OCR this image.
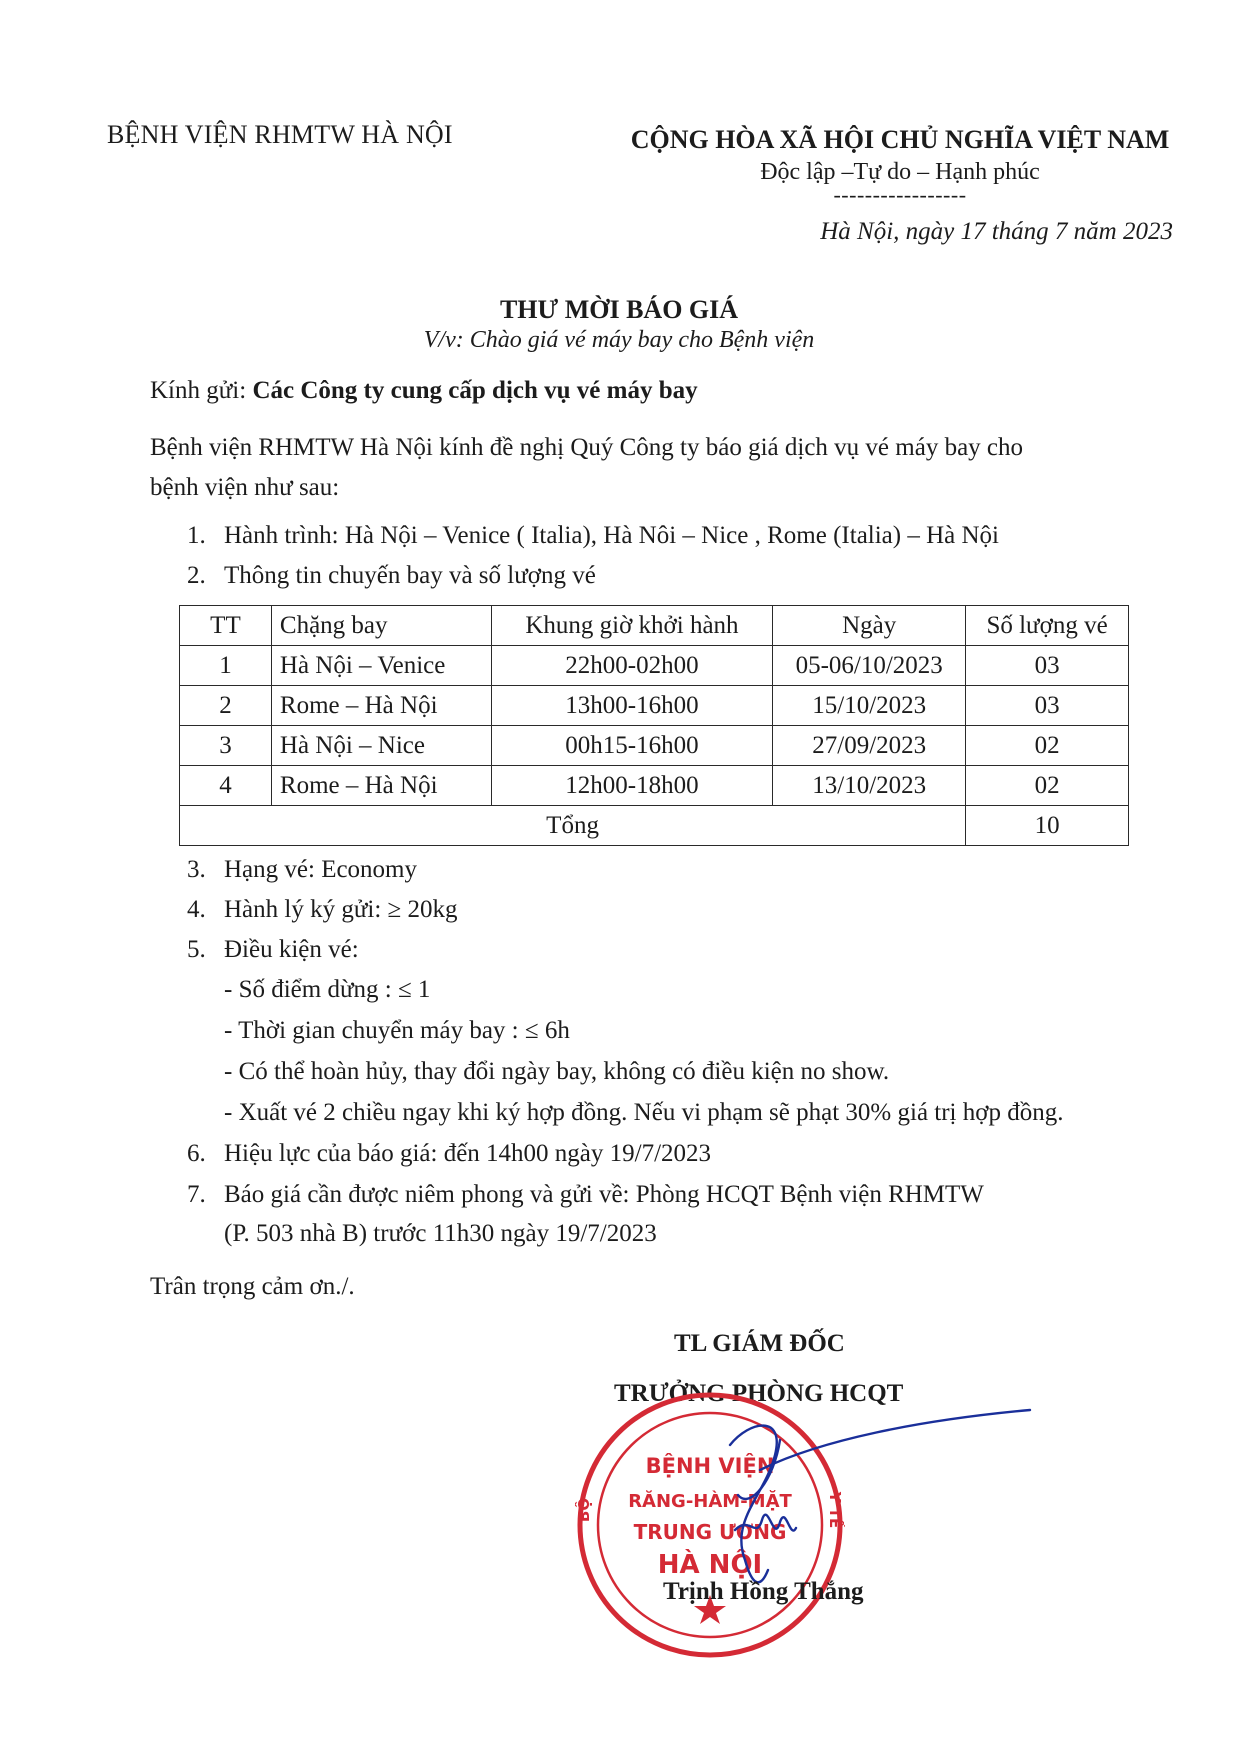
BỆNH VIỆN RHMTW HÀ NỘI	CỘNG HÒA XÃ HỘI CHỦ NGHĨA VIỆT NAM
Độc lập –Tự do – Hạnh phúc
-----------------
Hà Nội, ngày 17 tháng 7 năm 2023
THƯ MỜI BÁO GIÁ
V/v: Chào giá vé máy bay cho Bệnh viện
Kính gửi: Các Công ty cung cấp dịch vụ vé máy bay
Bệnh viện RHMTW Hà Nội kính đề nghị Quý Công ty báo giá dịch vụ vé máy bay cho bệnh viện như sau:
1. Hành trình: Hà Nội – Venice ( Italia), Hà Nôi – Nice , Rome (Italia) – Hà Nội
2. Thông tin chuyến bay và số lượng vé
TT	Chặng bay	Khung giờ khởi hành	Ngày	Số lượng vé
1	Hà Nội – Venice	22h00-02h00	05-06/10/2023	03
2	Rome – Hà Nội	13h00-16h00	15/10/2023	03
3	Hà Nội – Nice	00h15-16h00	27/09/2023	02
4	Rome – Hà Nội	12h00-18h00	13/10/2023	02
Tổng				10
3. Hạng vé: Economy
4. Hành lý ký gửi: ≥ 20kg
5. Điều kiện vé:
- Số điểm dừng : ≤ 1
- Thời gian chuyển máy bay : ≤ 6h
- Có thể hoàn hủy, thay đổi ngày bay, không có điều kiện no show.
- Xuất vé 2 chiều ngay khi ký hợp đồng. Nếu vi phạm sẽ phạt 30% giá trị hợp đồng.
6. Hiệu lực của báo giá: đến 14h00 ngày 19/7/2023
7. Báo giá cần được niêm phong và gửi về: Phòng HCQT Bệnh viện RHMTW
(P. 503 nhà B) trước 11h30 ngày 19/7/2023
Trân trọng cảm ơn./.
TL GIÁM ĐỐC
TRƯỞNG PHÒNG HCQT
BỆNH VIỆN
RĂNG-HÀM-MẶT
TRUNG ƯƠNG
HÀ NỘI
BỘ	Y TẾ
Trịnh Hồng Thắng
